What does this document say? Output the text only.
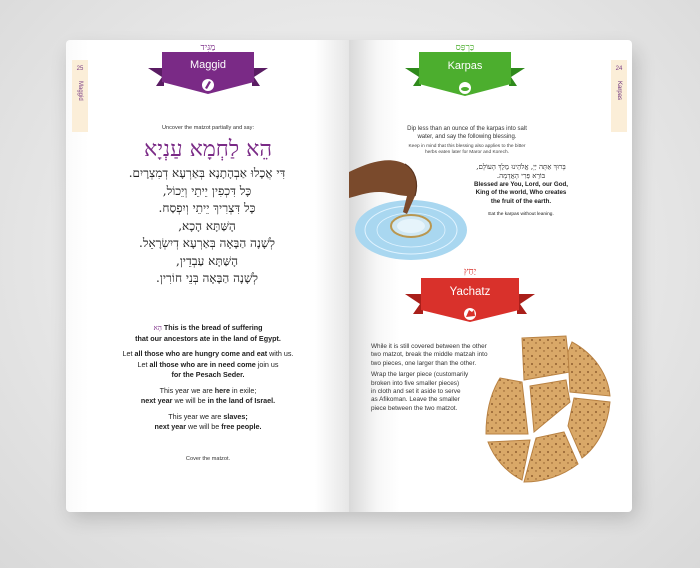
25
Maggid
מַגִּיד
Maggid
Uncover the matzot partially and say:
הֵא לַחְמָא עַנְיָא
דִּי אֲכָלוּ אַבְהָתָנָא בְּאַרְעָא דְמִצְרָיִם.
כָּל דִּכְפִין יֵיתֵי וְיֵכוֹל,
כָּל דִּצְרִיךְ יֵיתֵי וְיִפְסַח.
הָשַּׁתָּא הָכָא,
לְשָׁנָה הַבָּאָה בְּאַרְעָא דְיִשְׂרָאֵל.
הָשַּׁתָּא עַבְדֵין,
לְשָׁנָה הַבָּאָה בְּנֵי חוֹרִין.

הָא This is the bread of suffering
that our ancestors ate in the land of Egypt.

Let all those who are hungry come and eat with us.
Let all those who are in need come join us
for the Pesach Seder.

This year we are here in exile;
next year we will be in the land of Israel.

This year we are slaves;
next year we will be free people.

Cover the matzot.
24
Karpas
כַּרְפַּס
Karpas
Dip less than an ounce of the karpas into salt
water, and say the following blessing.
Keep in mind that this blessing also applies to the bitter
herbs eaten later for Maror and Korech.
בָּרוּךְ אַתָּה יְיָ, אֱלֹהֵינוּ מֶלֶךְ הָעוֹלָם,
בּוֹרֵא פְּרִי הָאֲדָמָה.
Blessed are You, Lord, our God,
King of the world, Who creates
the fruit of the earth.
Eat the karpas without leaning.
יַחַץ
Yachatz
While it is still covered between the other
two matzot, break the middle matzah into
two pieces, one larger than the other.
Wrap the larger piece (customarily
broken into five smaller pieces)
in cloth and set it aside to serve
as Afikoman. Leave the smaller
piece between the two matzot.
